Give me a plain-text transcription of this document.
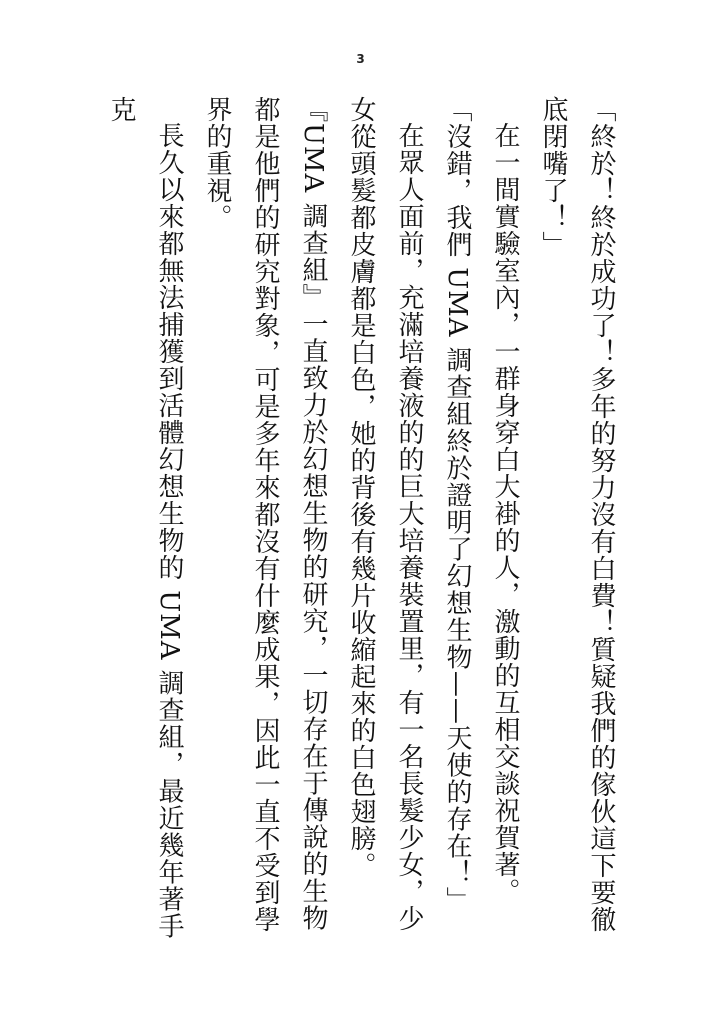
3

「終於！終於成功了！多年的努力沒有白費！質疑我們的傢伙這下要徹底閉嘴了！」

在一間實驗室內，一群身穿白大褂的人，激動的互相交談祝賀著。

「沒錯，我們 UMA 調查組終於證明了幻想生物——天使的存在！」

在眾人面前，充滿培養液的的巨大培養裝置里，有一名長髮少女，少女從頭髮都皮膚都是白色，她的背後有幾片收縮起來的白色翅膀。

『UMA 調查組』一直致力於幻想生物的研究，一切存在于傳說的生物都是他們的研究對象，可是多年來都沒有什麼成果，因此一直不受到學界的重視。

長久以來都無法捕獲到活體幻想生物的 UMA 調查組，最近幾年著手克
